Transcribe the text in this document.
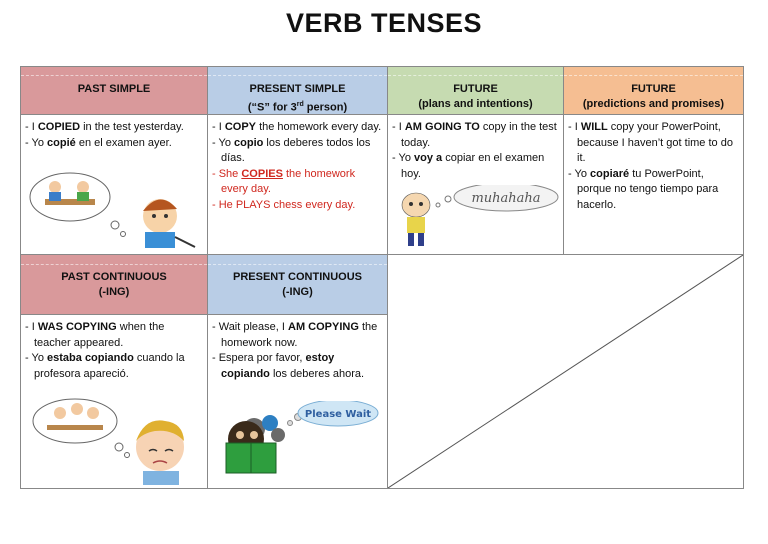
VERB TENSES
PAST SIMPLE	PRESENT SIMPLE
(“S” for 3rd person)
FUTURE
(plans and intentions)
FUTURE
(predictions and promises)

- I COPIED in the test yesterday.

- Yo copié en el examen ayer.

- I COPY the homework every day.

- Yo copio los deberes todos los días.

- She COPIES the homework every day.

- He PLAYS chess every day.

- I AM GOING TO copy in the test today.

- Yo voy a copiar en el examen hoy.

muhahaha

- I WILL copy your PowerPoint, because I haven’t got time to do it.

- Yo copiaré tu PowerPoint, porque no tengo tiempo para hacerlo.

PAST CONTINUOUS
(-ING)
PRESENT CONTINUOUS
(-ING)

- I WAS COPYING when the teacher appeared.

- Yo estaba copiando cuando la profesora apareció.

- Wait please, I AM COPYING the homework now.

- Espera por favor, estoy copiando los deberes ahora.

Please Wait
